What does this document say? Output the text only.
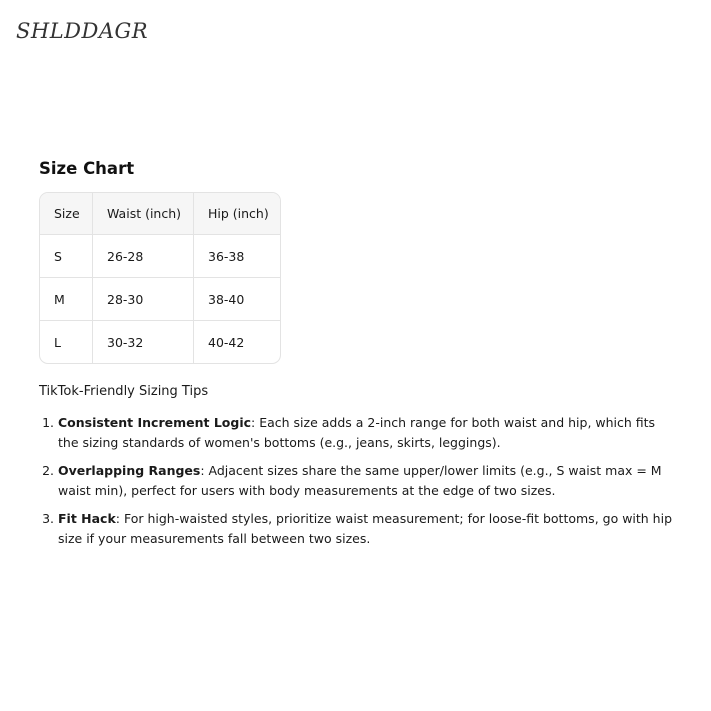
SHLDDAGR
Size Chart
Size	Waist (inch)	Hip (inch)
S	26-28	36-38
M	28-30	38-40
L	30-32	40-42
TikTok-Friendly Sizing Tips
1. Consistent Increment Logic: Each size adds a 2-inch range for both waist and hip, which fits the sizing standards of women's bottoms (e.g., jeans, skirts, leggings).
2. Overlapping Ranges: Adjacent sizes share the same upper/lower limits (e.g., S waist max = M waist min), perfect for users with body measurements at the edge of two sizes.
3. Fit Hack: For high-waisted styles, prioritize waist measurement; for loose-fit bottoms, go with hip size if your measurements fall between two sizes.
